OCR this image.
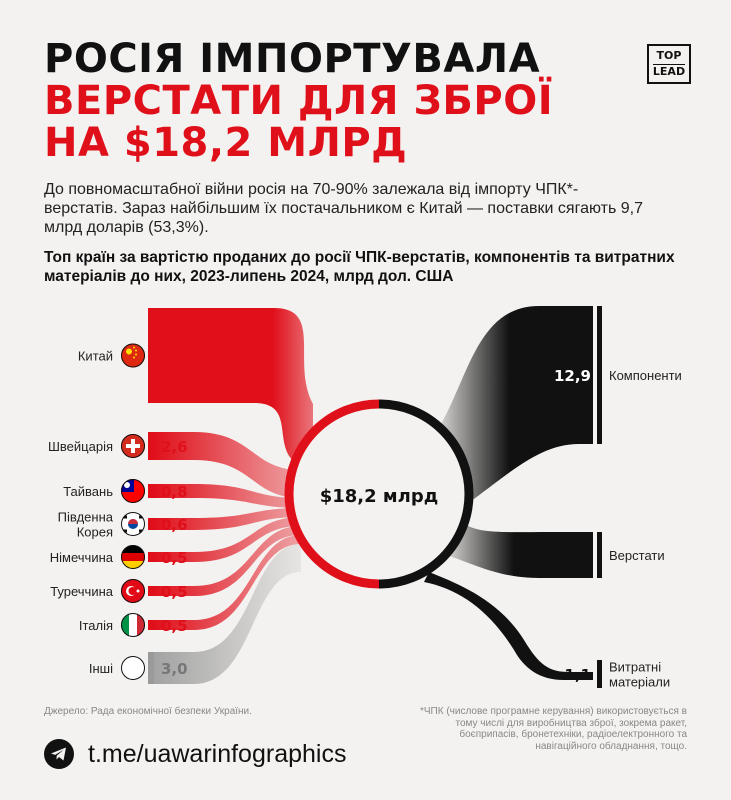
РОСІЯ ІМПОРТУВАЛА
ВЕРСТАТИ ДЛЯ ЗБРОЇ
НА $18,2 МЛРД
TOP
LEAD

До повномасштабної війни росія на 70-90% залежала від імпорту ЧПК*-верстатів. Зараз найбільшим їх постачальником є Китай — поставки сягають 9,7 млрд доларів (53,3%).

Топ країн за вартістю проданих до росії ЧПК-верстатів, компонентів та витратних матеріалів до них, 2023-липень 2024, млрд дол. США

9,7
Китай
2,6
Швейцарія
0,8
Тайвань
0,6
Південна
Корея
0,5
Німеччина
0,5
Туреччина
0,5
Італія
3,0
Інші
12,9 Компоненти
4,2 Верстати
1,1 Витратні
матеріали
$18,2 млрд
Джерело: Рада економічної безпеки України.	*ЧПК (числове програмне керування) використовується в тому числі для виробництва зброї, зокрема ракет, боєприпасів, бронетехніки, радіоелектронного та навігаційного обладнання, тощо.
t.me/uawarinfographics
